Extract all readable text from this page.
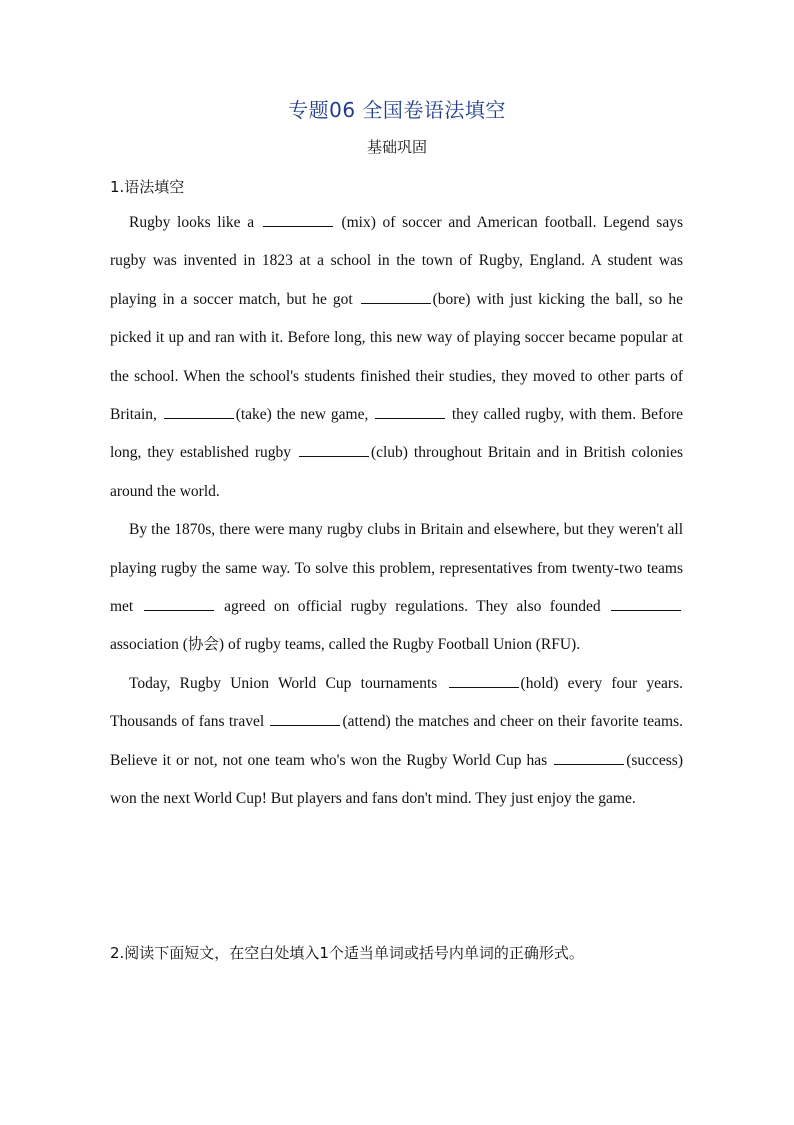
专题06 全国卷语法填空
基础巩固
1.语法填空

Rugby looks like a	(mix) of soccer and American football. Legend says rugby was invented in 1823 at a school in the town of Rugby, England. A student was playing in a soccer match, but he got	(bore) with just kicking the ball, so he picked it up and ran with it. Before long, this new way of playing soccer became popular at the school. When the school's students finished their studies, they moved to other parts of Britain,	(take) the new game,	they called rugby, with them. Before long, they established rugby	(club) throughout Britain and in British colonies around the world.

By the 1870s, there were many rugby clubs in Britain and elsewhere, but they weren't all playing rugby the same way. To solve this problem, representatives from twenty-two teams met	agreed on official rugby regulations. They also founded  association (协会) of rugby teams, called the Rugby Football Union (RFU).

Today, Rugby Union World Cup tournaments	(hold) every four years. Thousands of fans travel	(attend) the matches and cheer on their favorite teams. Believe it or not, not one team who's won the Rugby World Cup has	(success) won the next World Cup! But players and fans don't mind. They just enjoy the game.

2.阅读下面短文，在空白处填入1个适当单词或括号内单词的正确形式。
